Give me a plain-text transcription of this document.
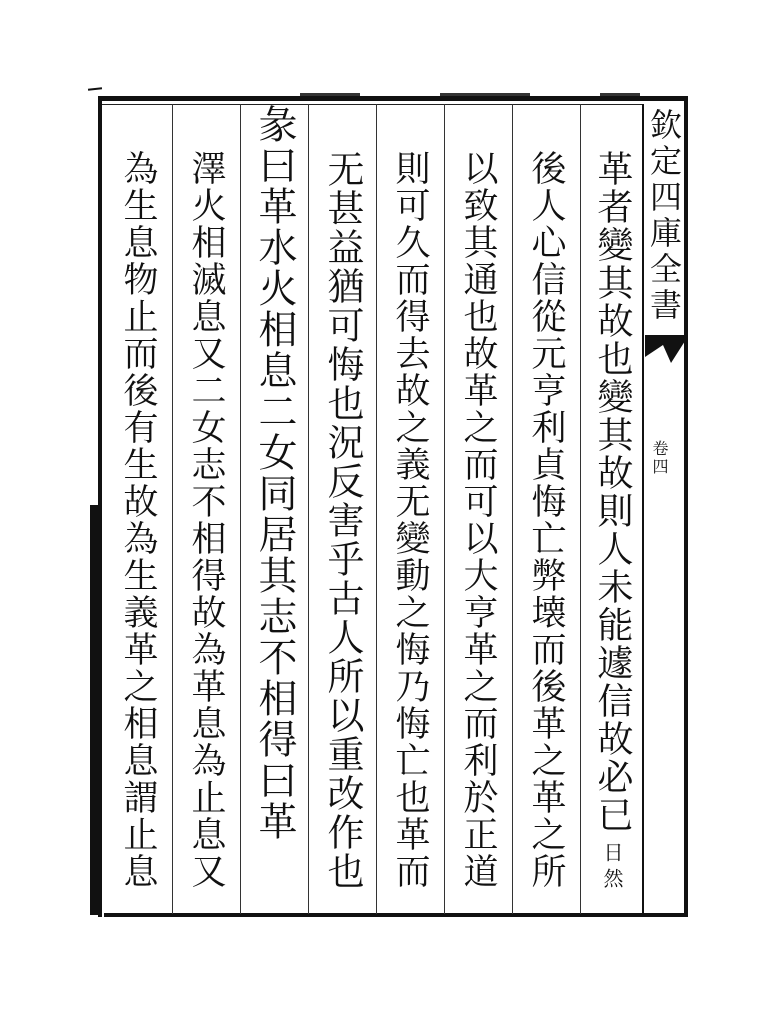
欽定四庫全書
卷四
革者變其故也變其故則人未能遽信故必已
日然
後人心信從元亨利貞悔亡弊壊而後革之革之所
以致其通也故革之而可以大亨革之而利於正道
則可久而得去故之義无變動之悔乃悔亡也革而
无甚益猶可悔也況反害乎古人所以重改作也
彖曰革水火相息二女同居其志不相得曰革
澤火相滅息又二女志不相得故為革息為止息又
為生息物止而後有生故為生義革之相息謂止息
